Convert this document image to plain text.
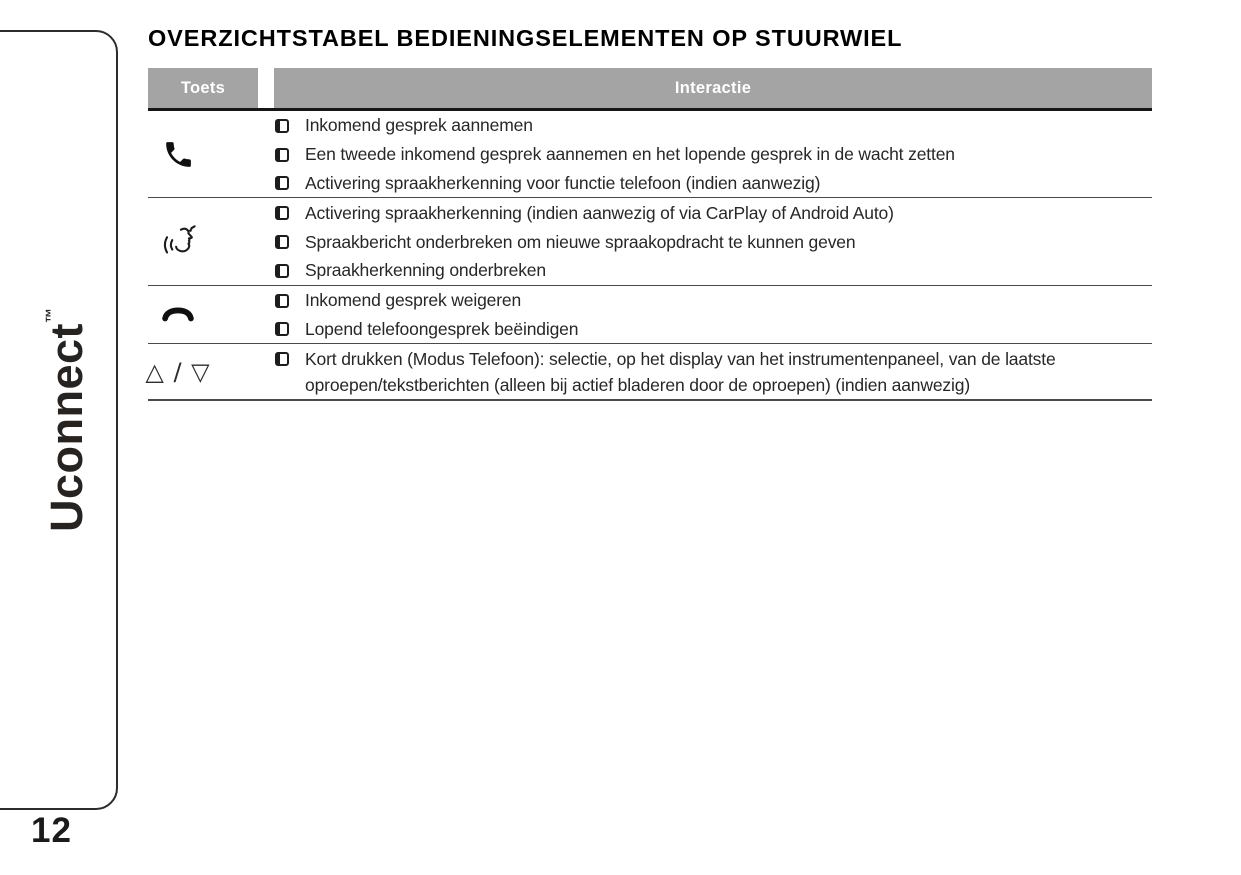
Uconnect™
12
OVERZICHTSTABEL BEDIENINGSELEMENTEN OP STUURWIEL
Toets	Interactie
Inkomend gesprek aannemen
Een tweede inkomend gesprek aannemen en het lopende gesprek in de wacht zetten
Activering spraakherkenning voor functie telefoon (indien aanwezig)
Activering spraakherkenning (indien aanwezig of via CarPlay of Android Auto)
Spraakbericht onderbreken om nieuwe spraakopdracht te kunnen geven
Spraakherkenning onderbreken
Inkomend gesprek weigeren
Lopend telefoongesprek beëindigen
△ / ▽	Kort drukken (Modus Telefoon): selectie, op het display van het instrumentenpaneel, van de laatste oproepen/tekstberichten (alleen bij actief bladeren door de oproepen) (indien aanwezig)
